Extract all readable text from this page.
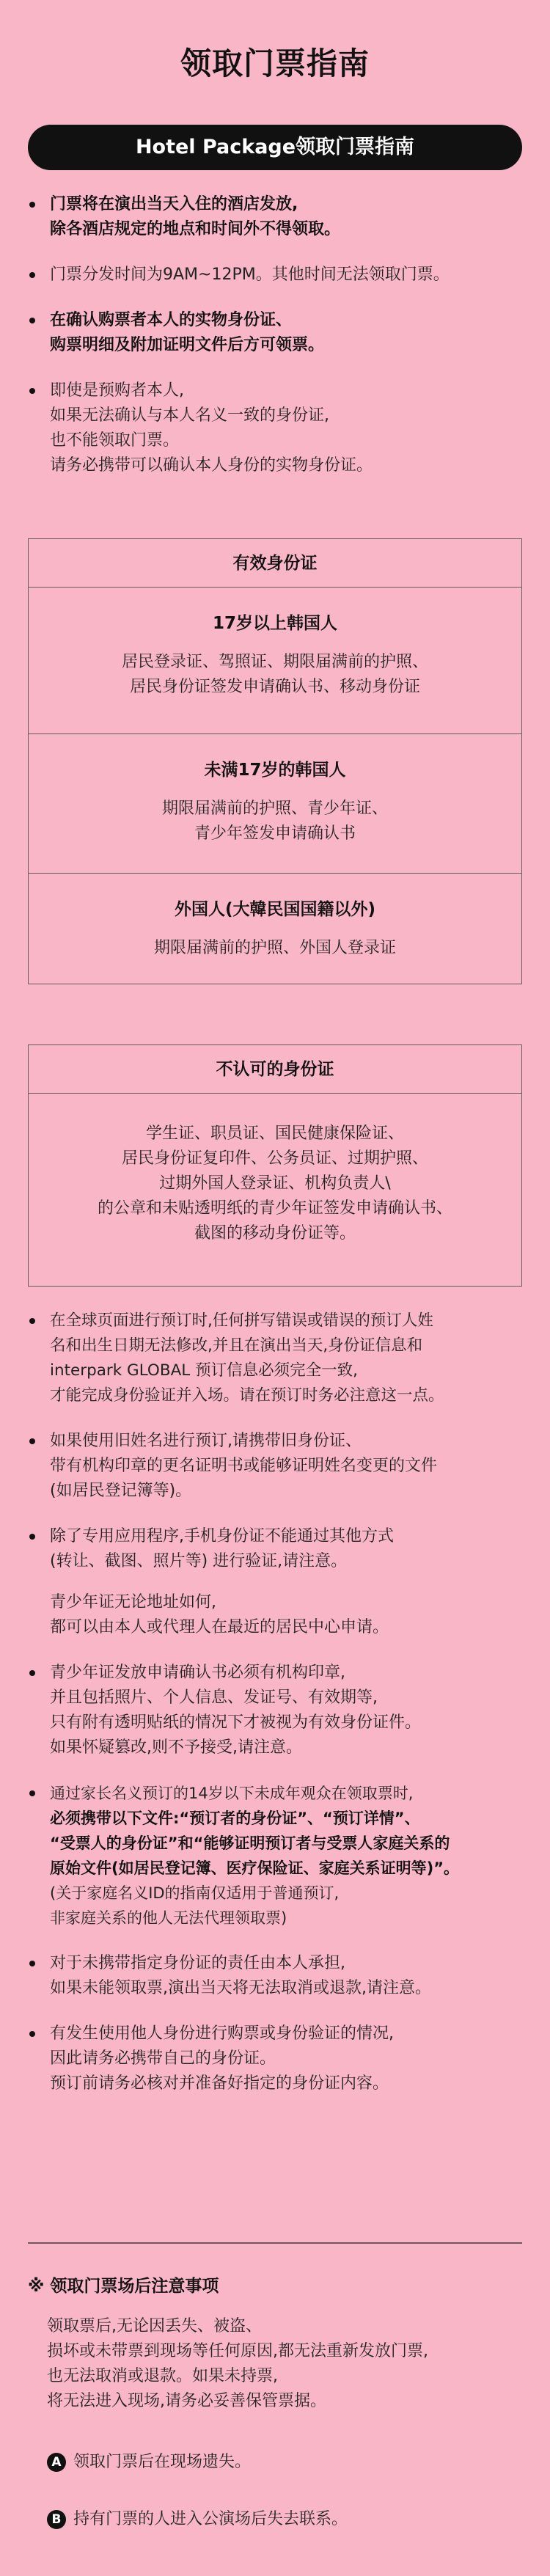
领取门票指南
Hotel Package领取门票指南
门票将在演出当天入住的酒店发放,
除各酒店规定的地点和时间外不得领取。
门票分发时间为9AM~12PM。其他时间无法领取门票。
在确认购票者本人的实物身份证、
购票明细及附加证明文件后方可领票。
即使是预购者本人,
如果无法确认与本人名义一致的身份证,
也不能领取门票。
请务必携带可以确认本人身份的实物身份证。
有效身份证
17岁以上韩国人
居民登录证、驾照证、期限届满前的护照、
居民身份证签发申请确认书、移动身份证
未满17岁的韩国人
期限届满前的护照、青少年证、
青少年签发申请确认书
外国人(大韓民国国籍以外)
期限届满前的护照、外国人登录证
不认可的身份证
学生证、职员证、国民健康保险证、
居民身份证复印件、公务员证、过期护照、
过期外国人登录证、机构负责人\
的公章和未贴透明纸的青少年证签发申请确认书、
截图的移动身份证等。
在全球页面进行预订时,任何拼写错误或错误的预订人姓
名和出生日期无法修改,并且在演出当天,身份证信息和
interpark GLOBAL 预订信息必须完全一致,
才能完成身份验证并入场。请在预订时务必注意这一点。
如果使用旧姓名进行预订,请携带旧身份证、
带有机构印章的更名证明书或能够证明姓名变更的文件
(如居民登记簿等)。
除了专用应用程序,手机身份证不能通过其他方式
(转让、截图、照片等) 进行验证,请注意。
青少年证无论地址如何,
都可以由本人或代理人在最近的居民中心申请。
青少年证发放申请确认书必须有机构印章,
并且包括照片、个人信息、发证号、有效期等,
只有附有透明贴纸的情况下才被视为有效身份证件。
如果怀疑篡改,则不予接受,请注意。
通过家长名义预订的14岁以下未成年观众在领取票时,
必须携带以下文件:“预订者的身份证”、“预订详情”、
“受票人的身份证”和“能够证明预订者与受票人家庭关系的
原始文件(如居民登记簿、医疗保险证、家庭关系证明等)”。
(关于家庭名义ID的指南仅适用于普通预订,
非家庭关系的他人无法代理领取票)
对于未携带指定身份证的责任由本人承担,
如果未能领取票,演出当天将无法取消或退款,请注意。
有发生使用他人身份进行购票或身份验证的情况,
因此请务必携带自己的身份证。
预订前请务必核对并准备好指定的身份证内容。
※ 领取门票场后注意事项
领取票后,无论因丢失、被盗、
损坏或未带票到现场等任何原因,都无法重新发放门票,
也无法取消或退款。如果未持票,
将无法进入现场,请务必妥善保管票据。
A 领取门票后在现场遗失。
B 持有门票的人进入公演场后失去联系。
